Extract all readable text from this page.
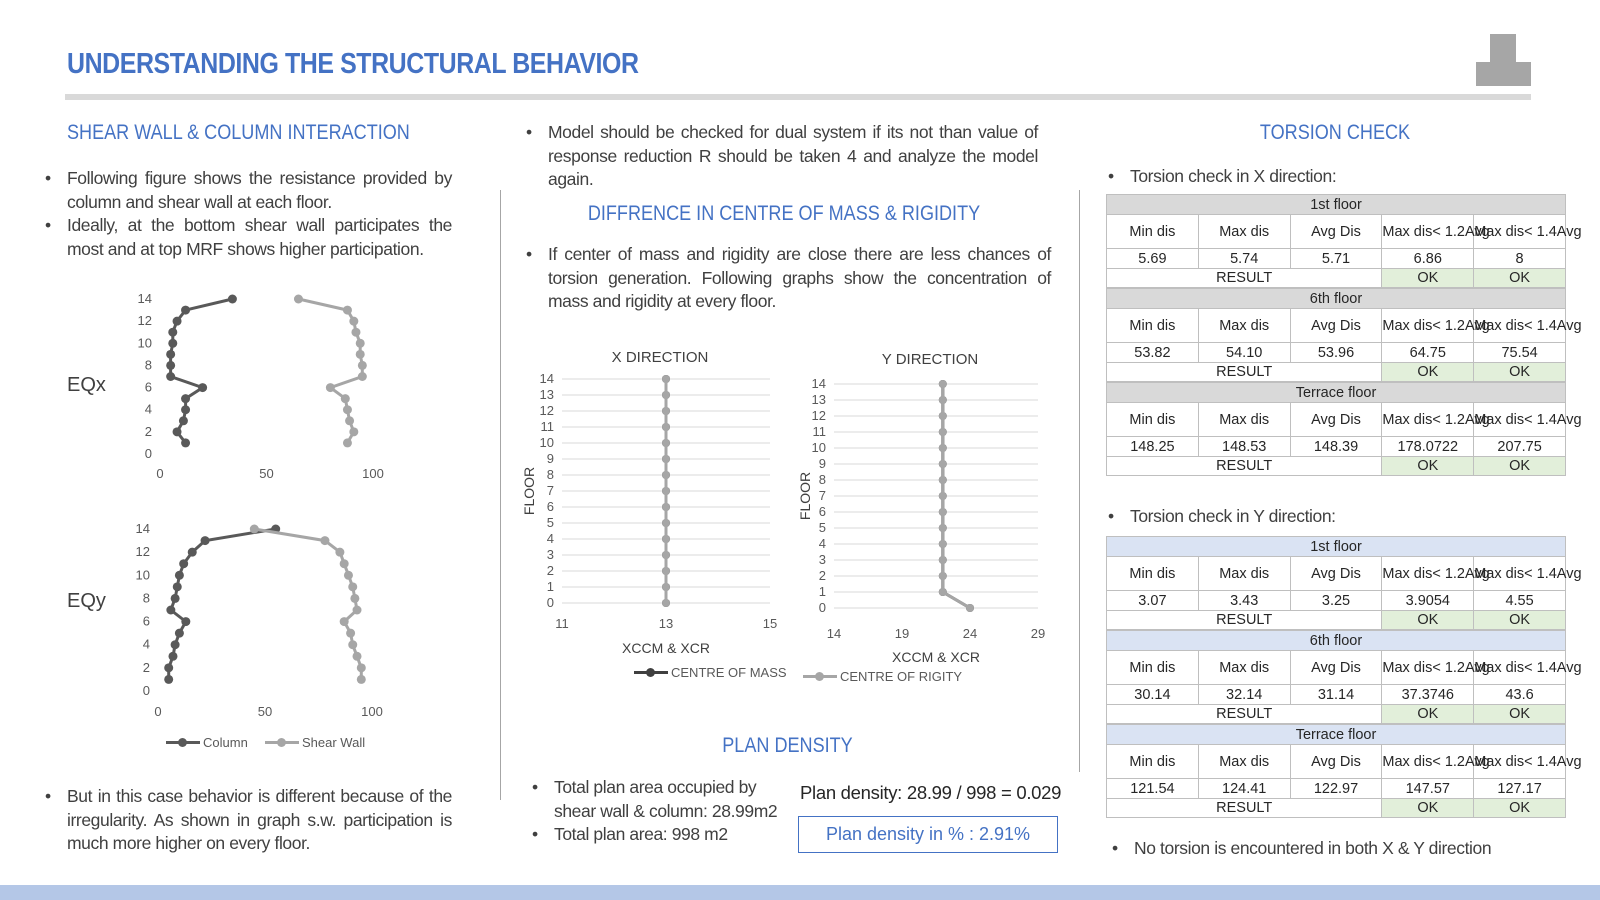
UNDERSTANDING THE STRUCTURAL BEHAVIOR
SHEAR WALL & COLUMN INTERACTION
• Following figure shows the resistance provided by column and shear wall at each floor.
• Ideally, at the bottom shear wall participates the most and at top MRF shows higher participation.
EQx
EQy
0
2
4
6
8
10
12
14
0	50	100
0
2
4
6
8
10
12
14
0	50	100
Column	Shear Wall
• But in this case behavior is different because of the irregularity. As shown in graph s.w. participation is much more higher on every floor.
• Model should be checked for dual system if its not than value of response reduction R should be taken 4 and analyze the model again.
DIFFRENCE IN CENTRE OF MASS & RIGIDITY
• If center of mass and rigidity are close there are less chances of torsion generation. Following graphs show the concentration of mass and rigidity at every floor.
0
1
2
3
4
5
6
7
8
9
10
11
12
13
14
11	13	15
X DIRECTION
XCCM & XCR
FLOOR
0
1
2
3
4
5
6
7
8
9
10
11
12
13
14
14	19	24	29
Y DIRECTION
XCCM & XCR
FLOOR
CENTRE OF MASS	CENTRE OF RIGITY
PLAN DENSITY
• Total plan area occupied by shear wall & column: 28.99m2
• Total plan area: 998 m2
Plan density: 28.99 / 998 = 0.029
Plan density in % : 2.91%
TORSION CHECK
• Torsion check in X direction:
1st floor				
Min dis	Max dis	Avg Dis	Max dis< 1.2Avg	Max dis< 1.4Avg
5.69	5.74	5.71	6.86	8
RESULT			OK	OK
6th floor				
Min dis	Max dis	Avg Dis	Max dis< 1.2Avg	Max dis< 1.4Avg
53.82	54.10	53.96	64.75	75.54
RESULT			OK	OK
Terrace floor				
Min dis	Max dis	Avg Dis	Max dis< 1.2Avg	Max dis< 1.4Avg
148.25	148.53	148.39	178.0722	207.75
RESULT			OK	OK
• Torsion check in Y direction:
1st floor				
Min dis	Max dis	Avg Dis	Max dis< 1.2Avg	Max dis< 1.4Avg
3.07	3.43	3.25	3.9054	4.55
RESULT			OK	OK
6th floor				
Min dis	Max dis	Avg Dis	Max dis< 1.2Avg	Max dis< 1.4Avg
30.14	32.14	31.14	37.3746	43.6
RESULT			OK	OK
Terrace floor				
Min dis	Max dis	Avg Dis	Max dis< 1.2Avg	Max dis< 1.4Avg
121.54	124.41	122.97	147.57	127.17
RESULT			OK	OK
• No torsion is encountered in both X & Y direction
